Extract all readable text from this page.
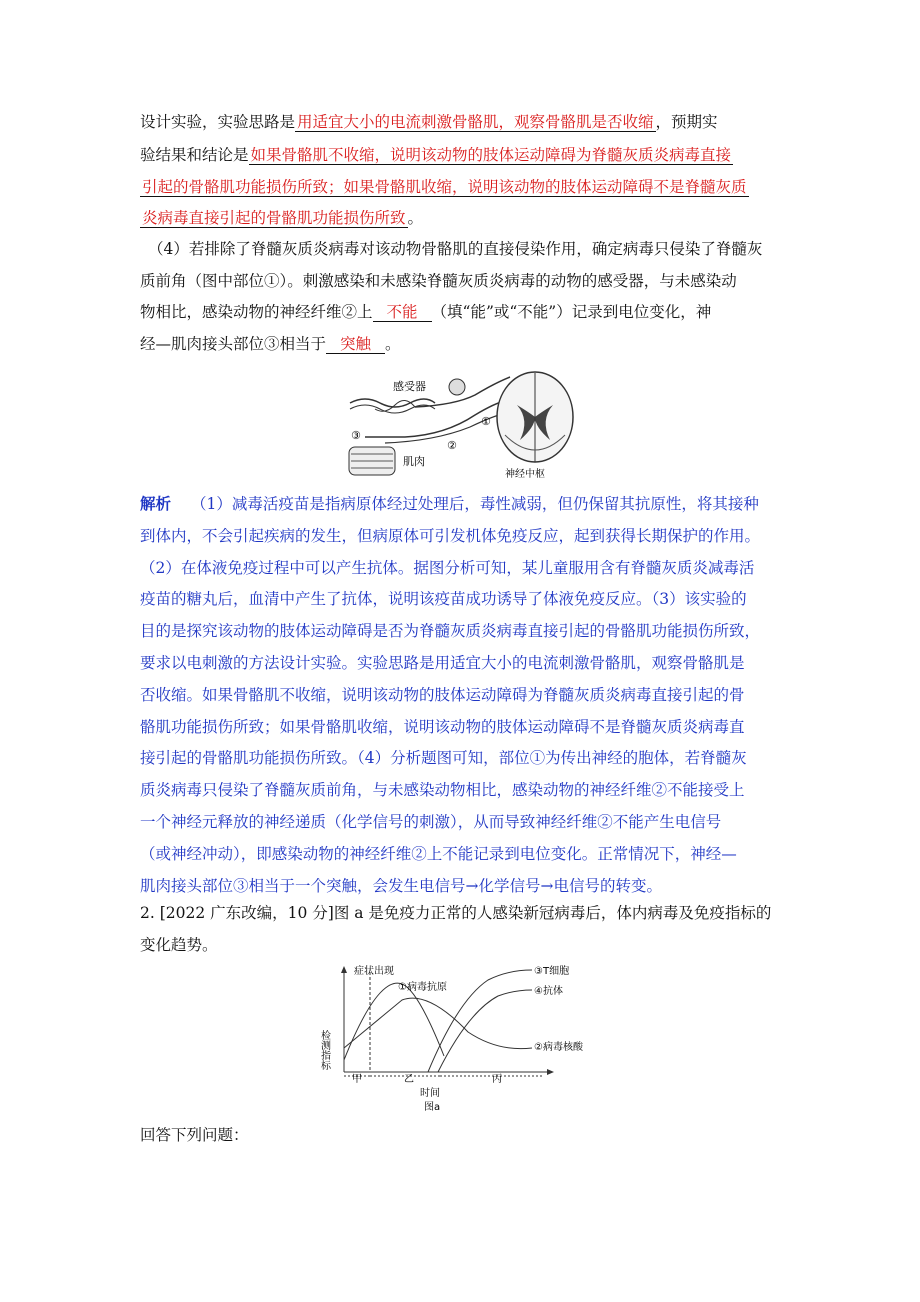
设计实验，实验思路是 用适宜大小的电流刺激骨骼肌，观察骨骼肌是否收缩 ，预期实
验结果和结论是 如果骨骼肌不收缩，说明该动物的肢体运动障碍为脊髓灰质炎病毒直接
引起的骨骼肌功能损伤所致；如果骨骼肌收缩，说明该动物的肢体运动障碍不是脊髓灰质
炎病毒直接引起的骨骼肌功能损伤所致 。
（4）若排除了脊髓灰质炎病毒对该动物骨骼肌的直接侵染作用，确定病毒只侵染了脊髓灰
质前角（图中部位①）。刺激感染和未感染脊髓灰质炎病毒的动物的感受器，与未感染动
物相比，感染动物的神经纤维②上 不能 （填“能”或“不能”）记录到电位变化，神
经—肌肉接头部位③相当于 突触 。
感受器
①
②
③
肌肉
神经中枢
解析 （1）减毒活疫苗是指病原体经过处理后，毒性减弱，但仍保留其抗原性，将其接种
到体内，不会引起疾病的发生，但病原体可引发机体免疫反应，起到获得长期保护的作用。
（2）在体液免疫过程中可以产生抗体。据图分析可知，某儿童服用含有脊髓灰质炎减毒活
疫苗的糖丸后，血清中产生了抗体，说明该疫苗成功诱导了体液免疫反应。（3）该实验的
目的是探究该动物的肢体运动障碍是否为脊髓灰质炎病毒直接引起的骨骼肌功能损伤所致，
要求以电刺激的方法设计实验。实验思路是用适宜大小的电流刺激骨骼肌，观察骨骼肌是
否收缩。如果骨骼肌不收缩，说明该动物的肢体运动障碍为脊髓灰质炎病毒直接引起的骨
骼肌功能损伤所致；如果骨骼肌收缩，说明该动物的肢体运动障碍不是脊髓灰质炎病毒直
接引起的骨骼肌功能损伤所致。（4）分析题图可知，部位①为传出神经的胞体，若脊髓灰
质炎病毒只侵染了脊髓灰质前角，与未感染动物相比，感染动物的神经纤维②不能接受上
一个神经元释放的神经递质（化学信号的刺激），从而导致神经纤维②不能产生电信号
（或神经冲动），即感染动物的神经纤维②上不能记录到电位变化。正常情况下，神经—
肌肉接头部位③相当于一个突触，会发生电信号→化学信号→电信号的转变。
2. [2022 广东改编，10 分]图 a 是免疫力正常的人感染新冠病毒后，体内病毒及免疫指标的
变化趋势。
检测指标
症状出现
①病毒抗原
②病毒核酸
③T细胞
④抗体
甲	乙	丙
时间
图a
回答下列问题：
